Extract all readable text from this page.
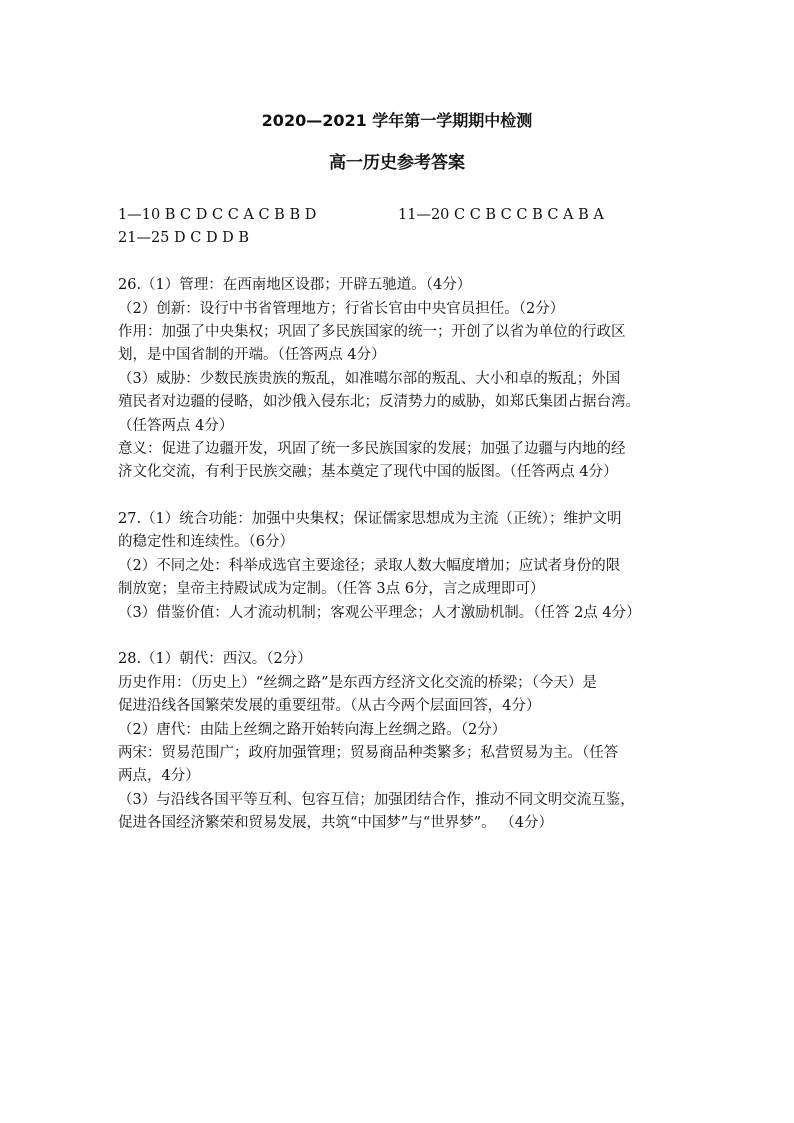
2020—2021 学年第一学期期中检测
高一历史参考答案
1—10 B C D C C A C B B D	11—20 C C B C C B C A B A
21—25 D C D D B
26.（1）管理：在西南地区设郡；开辟五驰道。（4分）
（2）创新：设行中书省管理地方；行省长官由中央官员担任。（2分）
作用：加强了中央集权；巩固了多民族国家的统一；开创了以省为单位的行政区
划，是中国省制的开端。（任答两点 4分）
（3）威胁：少数民族贵族的叛乱，如准噶尔部的叛乱、大小和卓的叛乱；外国
殖民者对边疆的侵略，如沙俄入侵东北；反清势力的威胁，如郑氏集团占据台湾。
（任答两点 4分）
意义：促进了边疆开发，巩固了统一多民族国家的发展；加强了边疆与内地的经
济文化交流，有利于民族交融；基本奠定了现代中国的版图。（任答两点 4分）
27.（1）统合功能：加强中央集权；保证儒家思想成为主流（正统）；维护文明
的稳定性和连续性。（6分）
（2）不同之处：科举成选官主要途径；录取人数大幅度增加；应试者身份的限
制放宽；皇帝主持殿试成为定制。（任答 3点 6分，言之成理即可）
（3）借鉴价值：人才流动机制；客观公平理念；人才激励机制。（任答 2点 4分）
28.（1）朝代：西汉。（2分）
历史作用：（历史上）“丝绸之路”是东西方经济文化交流的桥梁；（今天）是
促进沿线各国繁荣发展的重要纽带。（从古今两个层面回答，4分）
（2）唐代：由陆上丝绸之路开始转向海上丝绸之路。（2分）
两宋：贸易范围广；政府加强管理；贸易商品种类繁多；私营贸易为主。（任答
两点，4分）
（3）与沿线各国平等互利、包容互信；加强团结合作，推动不同文明交流互鉴，
促进各国经济繁荣和贸易发展，共筑“中国梦”与“世界梦”。 （4分）
